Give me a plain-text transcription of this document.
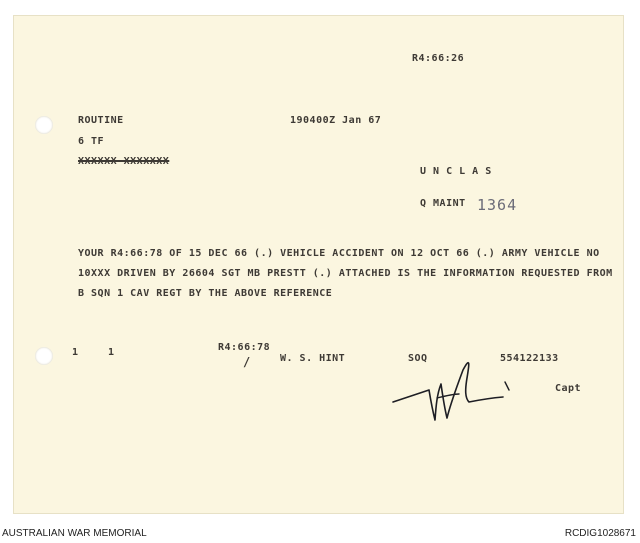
R4:66:26
ROUTINE	190400Z Jan 67
6 TF
XXXXXX XXXXXXX
U N C L A S
Q MAINT 1364
YOUR R4:66:78 OF 15 DEC 66 (.) VEHICLE ACCIDENT ON 12 OCT 66 (.) ARMY VEHICLE NO
10XXX DRIVEN BY 26604 SGT MB PRESTT (.) ATTACHED IS THE INFORMATION REQUESTED FROM
B SQN 1 CAV REGT BY THE ABOVE REFERENCE
1	1	R4:66:78
/	W. S. HINT	SOQ	554122133
Capt
AUSTRALIAN WAR MEMORIAL	RCDIG1028671
